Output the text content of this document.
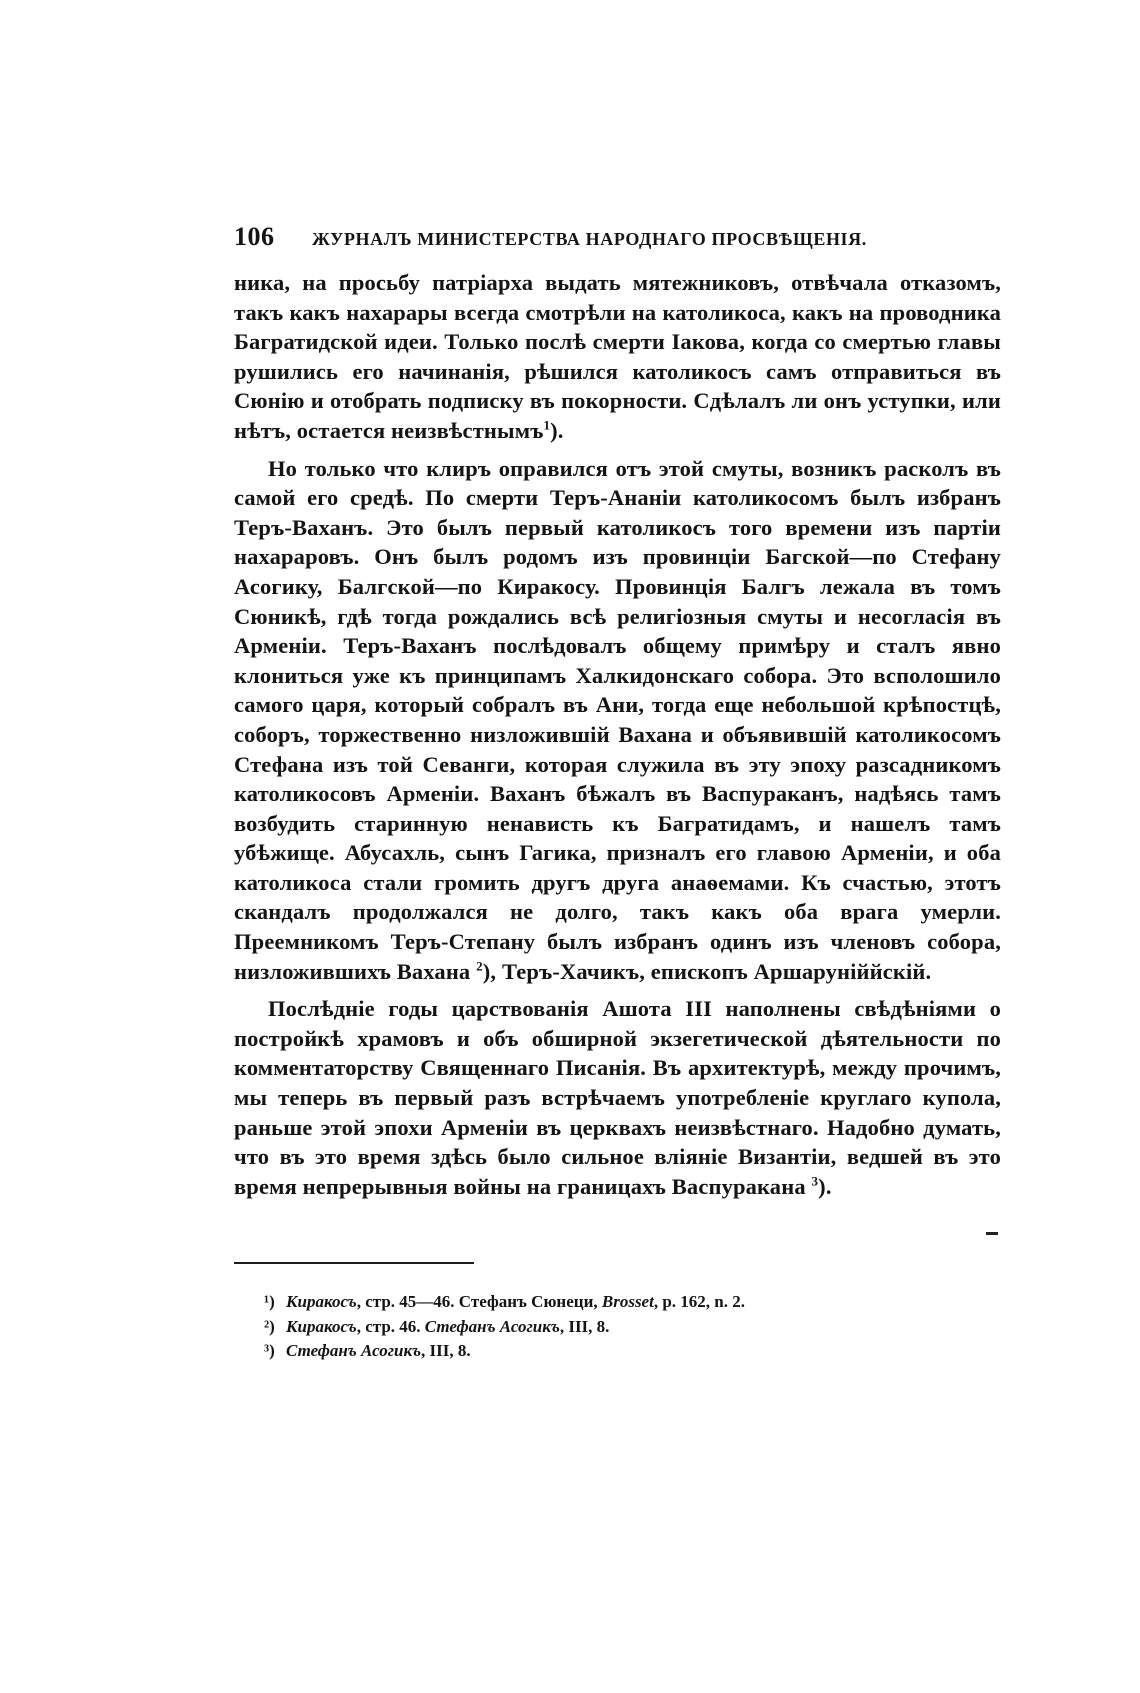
106	ЖУРНАЛЪ МИНИСТЕРСТВА НАРОДНАГО ПРОСВѢЩЕНІЯ.

ника, на просьбу патріарха выдать мятежниковъ, отвѣчала отказомъ, такъ какъ нахарары всегда смотрѣли на католикоса, какъ на проводника Багратидской идеи. Только послѣ смерти Іакова, когда со смертью главы рушились его начинанія, рѣшился католикосъ самъ отправиться въ Сюнію и отобрать подписку въ покорности. Сдѣлалъ ли онъ уступки, или нѣтъ, остается неизвѣстнымъ$^1$).

Но только что клиръ оправился отъ этой смуты, возникъ расколъ въ самой его средѣ. По смерти Теръ-Ананіи католикосомъ былъ избранъ Теръ-Ваханъ. Это былъ первый католикосъ того времени изъ партіи нахараровъ. Онъ былъ родомъ изъ провинціи Багской—по Стефану Асогику, Балгской—по Киракосу. Провинція Балгъ лежала въ томъ Сюникѣ, гдѣ тогда рождались всѣ религіозныя смуты и несогласія въ Арменіи. Теръ-Ваханъ послѣдовалъ общему примѣру и сталъ явно клониться уже къ принципамъ Халкидонскаго собора. Это всполошило самого царя, который собралъ въ Ани, тогда еще небольшой крѣпостцѣ, соборъ, торжественно низложившій Вахана и объявившій католикосомъ Стефана изъ той Севанги, которая служила въ эту эпоху разсадникомъ католикосовъ Арменіи. Ваханъ бѣжалъ въ Васпураканъ, надѣясь тамъ возбудить старинную ненависть къ Багратидамъ, и нашелъ тамъ убѣжище. Абусахль, сынъ Гагика, призналъ его главою Арменіи, и оба католикоса стали громить другъ друга анаѳемами. Къ счастью, этотъ скандалъ продолжался не долго, такъ какъ оба врага умерли. Преемникомъ Теръ-Степану былъ избранъ одинъ изъ членовъ собора, низложившихъ Вахана $^2$), Теръ-Хачикъ, епископъ Аршаруніййскій.

Послѣдніе годы царствованія Ашота III наполнены свѣдѣніями о постройкѣ храмовъ и объ обширной экзегетической дѣятельности по комментаторству Священнаго Писанія. Въ архитектурѣ, между прочимъ, мы теперь въ первый разъ встрѣчаемъ употребленіе круглаго купола, раньше этой эпохи Арменіи въ церквахъ неизвѣстнаго. Надобно думать, что въ это время здѣсь было сильное вліяніе Византіи, ведшей въ это время непрерывныя войны на границахъ Васпуракана $^3$).

¹) Киракосъ, стр. 45—46. Стефанъ Сюнеци, Brosset, p. 162, n. 2.
²) Киракосъ, стр. 46. Стефанъ Асогикъ, III, 8.
³) Стефанъ Асогикъ, III, 8.
